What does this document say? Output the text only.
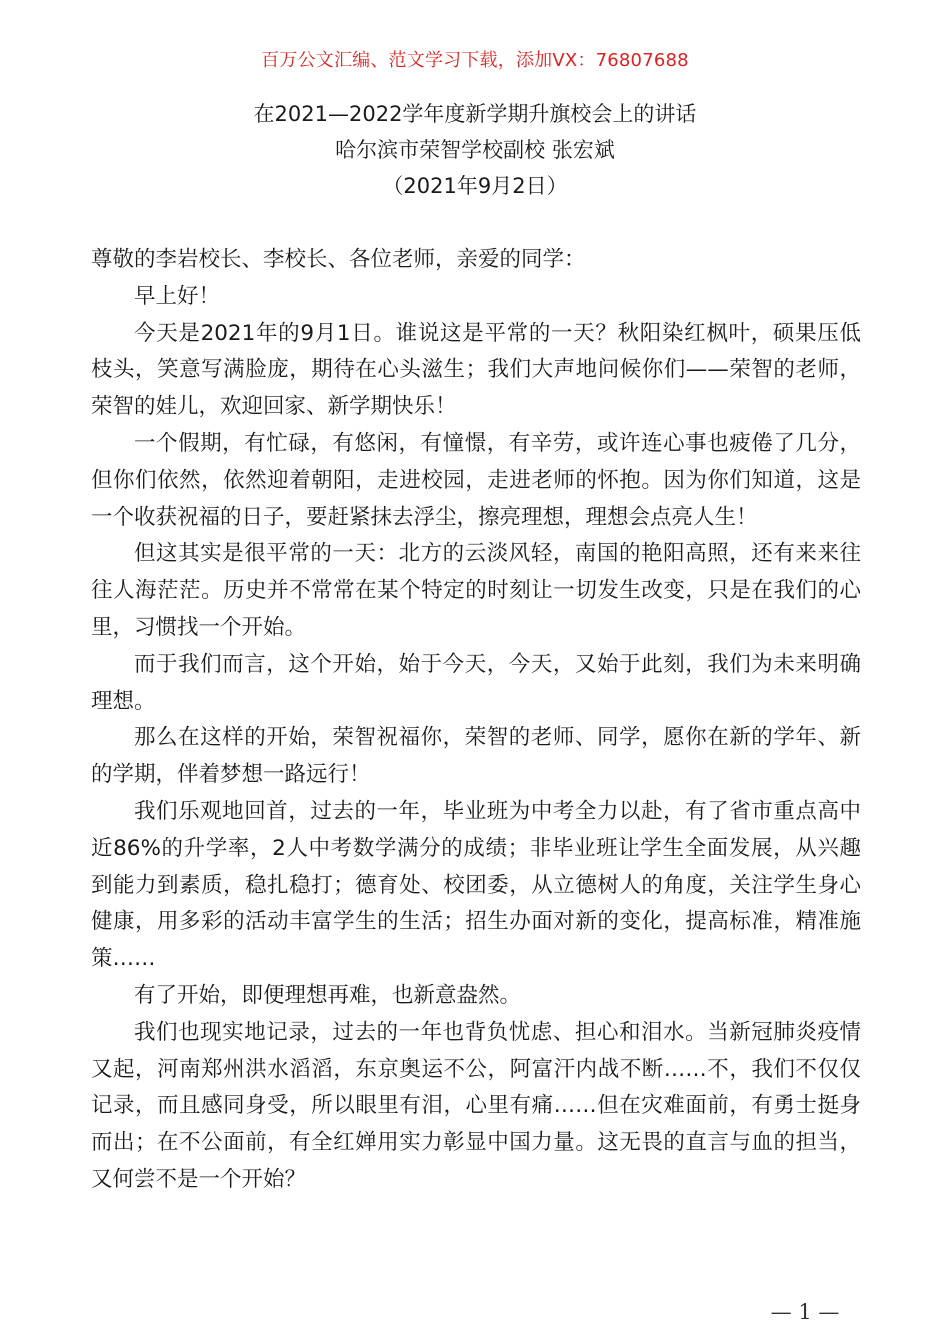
百万公文汇编、范文学习下载，添加VX：76807688
在2021—2022学年度新学期升旗校会上的讲话
哈尔滨市荣智学校副校 张宏斌
（2021年9月2日）

尊敬的李岩校长、李校长、各位老师，亲爱的同学：

早上好！

今天是2021年的9月1日。谁说这是平常的一天？秋阳染红枫叶，硕果压低枝头，笑意写满脸庞，期待在心头滋生；我们大声地问候你们——荣智的老师，荣智的娃儿，欢迎回家、新学期快乐！

一个假期，有忙碌，有悠闲，有憧憬，有辛劳，或许连心事也疲倦了几分，但你们依然，依然迎着朝阳，走进校园，走进老师的怀抱。因为你们知道，这是一个收获祝福的日子，要赶紧抹去浮尘，擦亮理想，理想会点亮人生！

但这其实是很平常的一天：北方的云淡风轻，南国的艳阳高照，还有来来往往人海茫茫。历史并不常常在某个特定的时刻让一切发生改变，只是在我们的心里，习惯找一个开始。

而于我们而言，这个开始，始于今天，今天，又始于此刻，我们为未来明确理想。

那么在这样的开始，荣智祝福你，荣智的老师、同学，愿你在新的学年、新的学期，伴着梦想一路远行！

我们乐观地回首，过去的一年，毕业班为中考全力以赴，有了省市重点高中近86%的升学率，2人中考数学满分的成绩；非毕业班让学生全面发展，从兴趣到能力到素质，稳扎稳打；德育处、校团委，从立德树人的角度，关注学生身心健康，用多彩的活动丰富学生的生活；招生办面对新的变化，提高标准，精准施策……

有了开始，即便理想再难，也新意盎然。

我们也现实地记录，过去的一年也背负忧虑、担心和泪水。当新冠肺炎疫情又起，河南郑州洪水滔滔，东京奥运不公，阿富汗内战不断……不，我们不仅仅记录，而且感同身受，所以眼里有泪，心里有痛……但在灾难面前，有勇士挺身而出；在不公面前，有全红婵用实力彰显中国力量。这无畏的直言与血的担当，又何尝不是一个开始？

— 1 —
